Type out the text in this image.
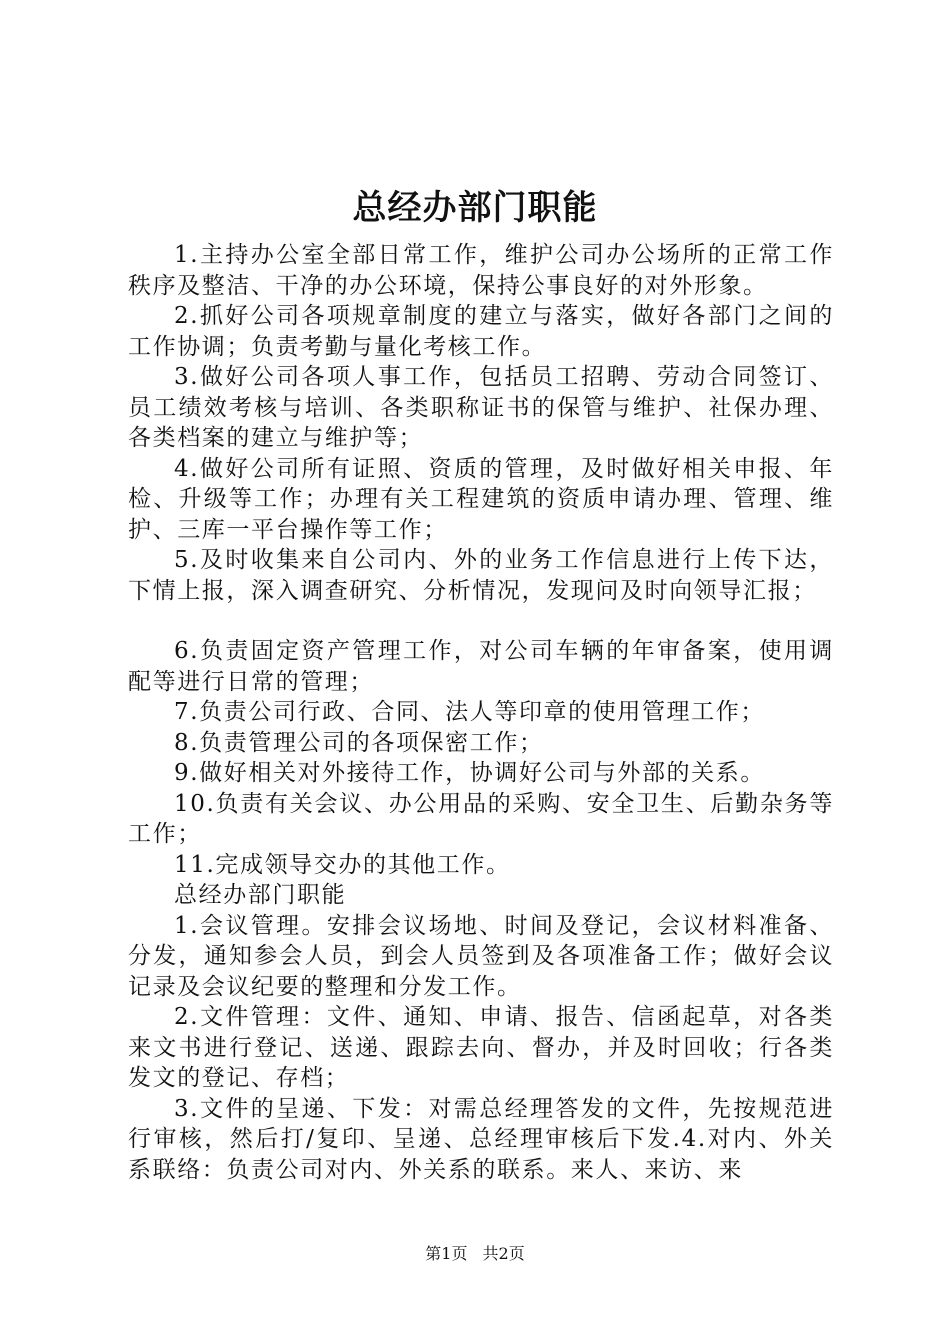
总经办部门职能

1.主持办公室全部日常工作，维护公司办公场所的正常工作秩序及整洁、干净的办公环境，保持公事良好的对外形象。

2.抓好公司各项规章制度的建立与落实，做好各部门之间的工作协调；负责考勤与量化考核工作。

3.做好公司各项人事工作，包括员工招聘、劳动合同签订、员工绩效考核与培训、各类职称证书的保管与维护、社保办理、各类档案的建立与维护等；

4.做好公司所有证照、资质的管理，及时做好相关申报、年检、升级等工作；办理有关工程建筑的资质申请办理、管理、维护、三库一平台操作等工作；

5.及时收集来自公司内、外的业务工作信息进行上传下达，下情上报，深入调查研究、分析情况，发现问及时向领导汇报；

6.负责固定资产管理工作，对公司车辆的年审备案，使用调配等进行日常的管理；

7.负责公司行政、合同、法人等印章的使用管理工作；

8.负责管理公司的各项保密工作；

9.做好相关对外接待工作，协调好公司与外部的关系。

10.负责有关会议、办公用品的采购、安全卫生、后勤杂务等工作；

11.完成领导交办的其他工作。

总经办部门职能

1.会议管理。安排会议场地、时间及登记，会议材料准备、分发，通知参会人员，到会人员签到及各项准备工作；做好会议记录及会议纪要的整理和分发工作。

2.文件管理：文件、通知、申请、报告、信函起草，对各类来文书进行登记、送递、跟踪去向、督办，并及时回收；行各类发文的登记、存档；

3.文件的呈递、下发：对需总经理答发的文件，先按规范进行审核，然后打/复印、呈递、总经理审核后下发.4.对内、外关系联络：负责公司对内、外关系的联系。来人、来访、来

第1页 共2页
